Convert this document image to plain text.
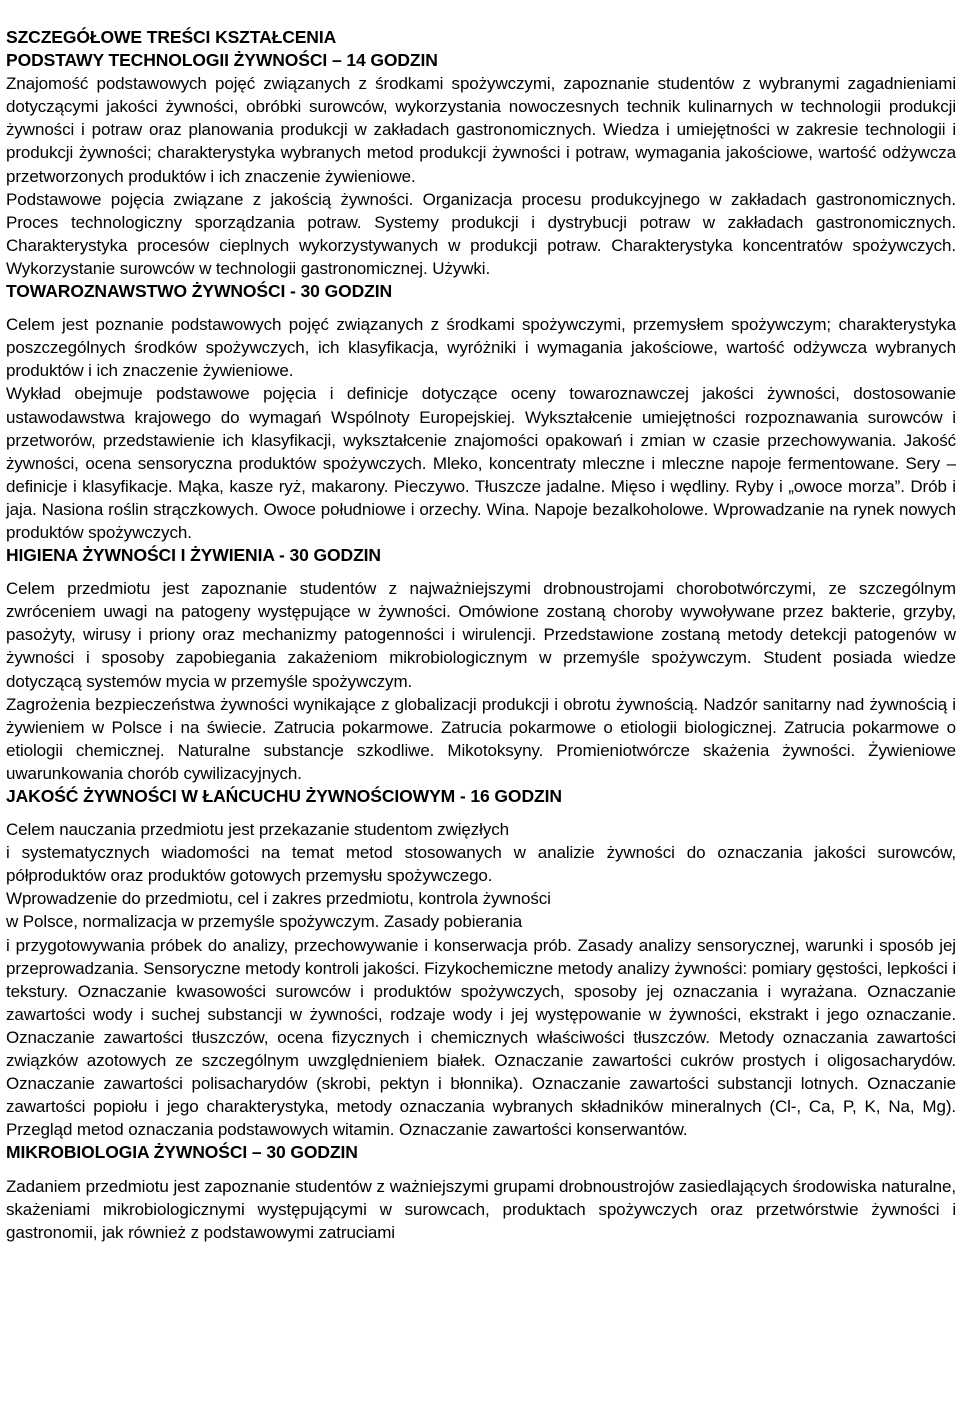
SZCZEGÓŁOWE TREŚCI KSZTAŁCENIA
PODSTAWY TECHNOLOGII ŻYWNOŚCI – 14 GODZIN

Znajomość podstawowych pojęć związanych z środkami spożywczymi, zapoznanie studentów z wybranymi zagadnieniami dotyczącymi jakości żywności, obróbki surowców, wykorzystania nowoczesnych technik kulinarnych w technologii produkcji żywności i potraw oraz planowania produkcji w zakładach gastronomicznych. Wiedza i umiejętności w zakresie technologii i produkcji żywności; charakterystyka wybranych metod produkcji żywności i potraw, wymagania jakościowe, wartość odżywcza przetworzonych produktów i ich znaczenie żywieniowe.

Podstawowe pojęcia związane z jakością żywności. Organizacja procesu produkcyjnego w zakładach gastronomicznych. Proces technologiczny sporządzania potraw. Systemy produkcji i dystrybucji potraw w zakładach gastronomicznych. Charakterystyka procesów cieplnych wykorzystywanych w produkcji potraw. Charakterystyka koncentratów spożywczych. Wykorzystanie surowców w technologii gastronomicznej. Używki.

TOWAROZNAWSTWO ŻYWNOŚCI - 30 GODZIN

Celem jest poznanie podstawowych pojęć związanych z środkami spożywczymi, przemysłem spożywczym; charakterystyka poszczególnych środków spożywczych, ich klasyfikacja, wyróżniki i wymagania jakościowe, wartość odżywcza wybranych produktów i ich znaczenie żywieniowe.

Wykład obejmuje podstawowe pojęcia i definicje dotyczące oceny towaroznawczej jakości żywności, dostosowanie ustawodawstwa krajowego do wymagań Wspólnoty Europejskiej. Wykształcenie umiejętności rozpoznawania surowców i przetworów, przedstawienie ich klasyfikacji, wykształcenie znajomości opakowań i zmian w czasie przechowywania. Jakość żywności, ocena sensoryczna produktów spożywczych. Mleko, koncentraty mleczne i mleczne napoje fermentowane. Sery – definicje i klasyfikacje. Mąka, kasze ryż, makarony. Pieczywo. Tłuszcze jadalne. Mięso i wędliny. Ryby i „owoce morza”. Drób i jaja. Nasiona roślin strączkowych. Owoce południowe i orzechy. Wina. Napoje bezalkoholowe. Wprowadzanie na rynek nowych produktów spożywczych.

HIGIENA ŻYWNOŚCI I ŻYWIENIA - 30 GODZIN

Celem przedmiotu jest zapoznanie studentów z najważniejszymi drobnoustrojami chorobotwórczymi, ze szczególnym zwróceniem uwagi na patogeny występujące w żywności. Omówione zostaną choroby wywoływane przez bakterie, grzyby, pasożyty, wirusy i priony oraz mechanizmy patogenności i wirulencji. Przedstawione zostaną metody detekcji patogenów w żywności i sposoby zapobiegania zakażeniom mikrobiologicznym w przemyśle spożywczym. Student posiada wiedze dotyczącą systemów mycia w przemyśle spożywczym.

Zagrożenia bezpieczeństwa żywności wynikające z globalizacji produkcji i obrotu żywnością. Nadzór sanitarny nad żywnością i żywieniem w Polsce i na świecie. Zatrucia pokarmowe. Zatrucia pokarmowe o etiologii biologicznej. Zatrucia pokarmowe o etiologii chemicznej. Naturalne substancje szkodliwe. Mikotoksyny. Promieniotwórcze skażenia żywności. Żywieniowe uwarunkowania chorób cywilizacyjnych.

JAKOŚĆ ŻYWNOŚCI W ŁAŃCUCHU ŻYWNOŚCIOWYM - 16 GODZIN

Celem nauczania przedmiotu jest przekazanie studentom zwięzłych

i systematycznych wiadomości na temat metod stosowanych w analizie żywności do oznaczania jakości surowców, półproduktów oraz produktów gotowych przemysłu spożywczego.

Wprowadzenie do przedmiotu, cel i zakres przedmiotu, kontrola żywności

w Polsce, normalizacja w przemyśle spożywczym. Zasady pobierania

i przygotowywania próbek do analizy, przechowywanie i konserwacja prób. Zasady analizy sensorycznej, warunki i sposób jej przeprowadzania. Sensoryczne metody kontroli jakości. Fizykochemiczne metody analizy żywności: pomiary gęstości, lepkości i tekstury. Oznaczanie kwasowości surowców i produktów spożywczych, sposoby jej oznaczania i wyrażana. Oznaczanie zawartości wody i suchej substancji w żywności, rodzaje wody i jej występowanie w żywności, ekstrakt i jego oznaczanie. Oznaczanie zawartości tłuszczów, ocena fizycznych i chemicznych właściwości tłuszczów. Metody oznaczania zawartości związków azotowych ze szczególnym uwzględnieniem białek. Oznaczanie zawartości cukrów prostych i oligosacharydów. Oznaczanie zawartości polisacharydów (skrobi, pektyn i błonnika). Oznaczanie zawartości substancji lotnych. Oznaczanie zawartości popiołu i jego charakterystyka, metody oznaczania wybranych składników mineralnych (Cl-, Ca, P, K, Na, Mg). Przegląd metod oznaczania podstawowych witamin. Oznaczanie zawartości konserwantów.

MIKROBIOLOGIA ŻYWNOŚCI – 30 GODZIN

Zadaniem przedmiotu jest zapoznanie studentów z ważniejszymi grupami drobnoustrojów zasiedlających środowiska naturalne, skażeniami mikrobiologicznymi występującymi w surowcach, produktach spożywczych oraz przetwórstwie żywności i gastronomii, jak również z podstawowymi zatruciami
